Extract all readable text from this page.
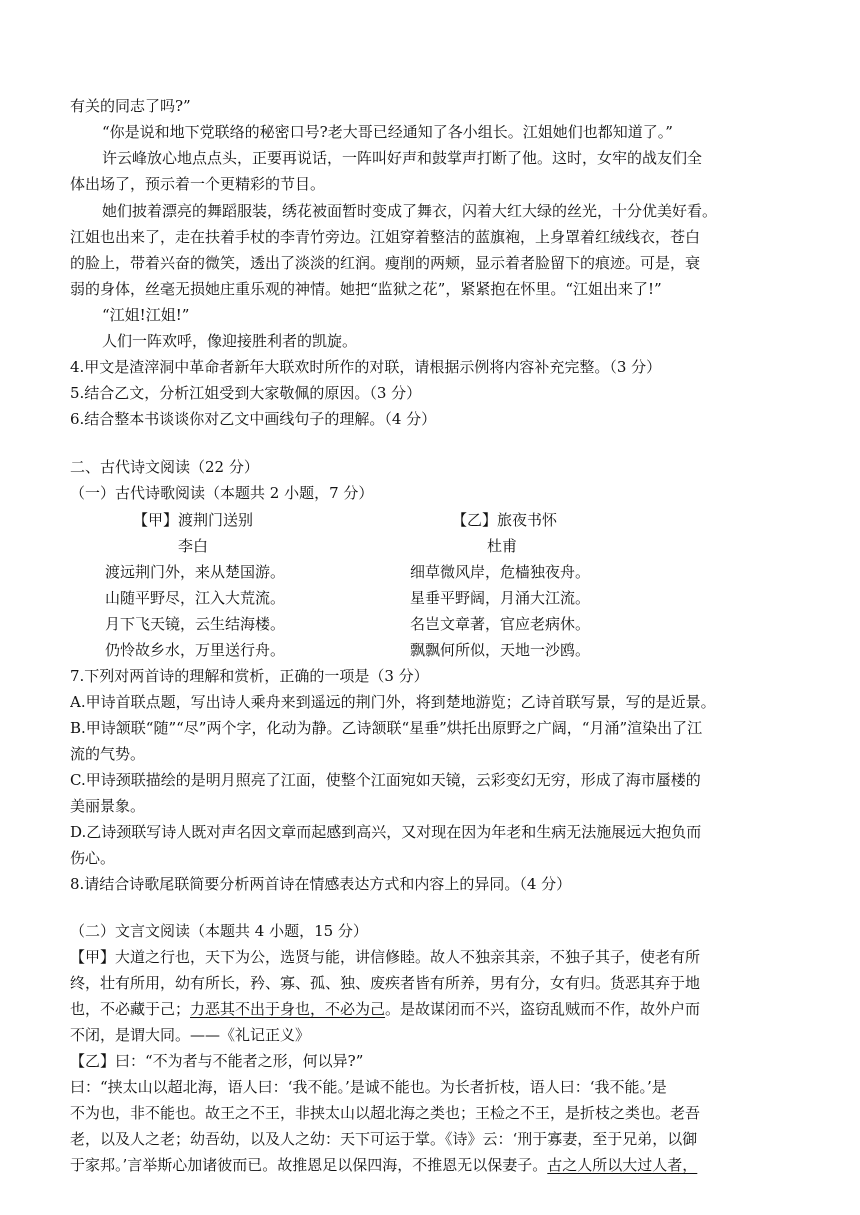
有关的同志了吗?”
“你是说和地下党联络的秘密口号?老大哥已经通知了各小组长。江姐她们也都知道了。”
许云峰放心地点点头，正要再说话，一阵叫好声和鼓掌声打断了他。这时，女牢的战友们全
体出场了，预示着一个更精彩的节目。
她们披着漂亮的舞蹈服装，绣花被面暂时变成了舞衣，闪着大红大绿的丝光，十分优美好看。
江姐也出来了，走在扶着手杖的李青竹旁边。江姐穿着整洁的蓝旗袍，上身罩着红绒线衣，苍白
的脸上，带着兴奋的微笑，透出了淡淡的红润。瘦削的两颊，显示着者脸留下的痕迹。可是，衰
弱的身体，丝毫无损她庄重乐观的神情。她把“监狱之花”，紧紧抱在怀里。“江姐出来了!”
“江姐!江姐!”
人们一阵欢呼，像迎接胜利者的凯旋。
4.甲文是渣滓洞中革命者新年大联欢时所作的对联，请根据示例将内容补充完整。（3 分）
5.结合乙文，分析江姐受到大家敬佩的原因。（3 分）
6.结合整本书谈谈你对乙文中画线句子的理解。（4 分）
二、古代诗文阅读（22 分）
（一）古代诗歌阅读（本题共 2 小题，7 分）
【甲】渡荆门送别
李白
渡远荆门外，来从楚国游。
山随平野尽，江入大荒流。
月下飞天镜，云生结海楼。
仍怜故乡水，万里送行舟。
【乙】旅夜书怀
杜甫
细草微风岸，危樯独夜舟。
星垂平野阔，月涌大江流。
名岂文章著，官应老病休。
飘飘何所似，天地一沙鸥。
7.下列对两首诗的理解和赏析，正确的一项是（3 分）
A.甲诗首联点题，写出诗人乘舟来到遥远的荆门外，将到楚地游览；乙诗首联写景，写的是近景。
B.甲诗颔联“随”“尽”两个字，化动为静。乙诗颔联“星垂”烘托出原野之广阔，“月涌”渲染出了江
流的气势。
C.甲诗颈联描绘的是明月照亮了江面，使整个江面宛如天镜，云彩变幻无穷，形成了海市蜃楼的
美丽景象。
D.乙诗颈联写诗人既对声名因文章而起感到高兴，又对现在因为年老和生病无法施展远大抱负而
伤心。
8.请结合诗歌尾联简要分析两首诗在情感表达方式和内容上的异同。（4 分）
（二）文言文阅读（本题共 4 小题，15 分）
【甲】大道之行也，天下为公，选贤与能，讲信修睦。故人不独亲其亲，不独子其子，使老有所
终，壮有所用，幼有所长，矜、寡、孤、独、废疾者皆有所养，男有分，女有归。货恶其弃于地
也，不必藏于己；力恶其不出于身也，不必为己。是故谋闭而不兴，盗窃乱贼而不作，故外户而
不闭，是谓大同。——《礼记正义》
【乙】曰：“不为者与不能者之形，何以异?”
曰：“挟太山以超北海，语人曰：‘我不能。’是诚不能也。为长者折枝，语人曰：‘我不能。’是
不为也，非不能也。故王之不王，非挟太山以超北海之类也；王检之不王，是折枝之类也。老吾
老，以及人之老；幼吾幼，以及人之幼：天下可运于掌。《诗》云：‘刑于寡妻，至于兄弟，以御
于家邦。’言举斯心加诸彼而已。故推恩足以保四海，不推恩无以保妻子。古之人所以大过人者，
